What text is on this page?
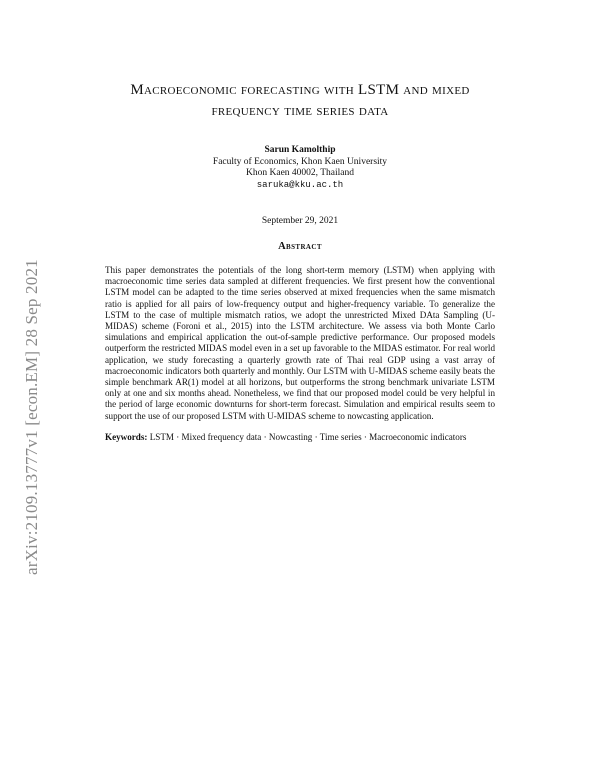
arXiv:2109.13777v1 [econ.EM] 28 Sep 2021
Macroeconomic forecasting with LSTM and mixed
frequency time series data
Sarun Kamolthip
Faculty of Economics, Khon Kaen University
Khon Kaen 40002, Thailand
saruka@kku.ac.th
September 29, 2021
Abstract
This paper demonstrates the potentials of the long short-term memory (LSTM) when applying with macroeconomic time series data sampled at different frequencies. We first present how the conventional LSTM model can be adapted to the time series observed at mixed frequencies when the same mismatch ratio is applied for all pairs of low-frequency output and higher-frequency variable. To generalize the LSTM to the case of multiple mismatch ratios, we adopt the unrestricted Mixed DAta Sampling (U-MIDAS) scheme (Foroni et al., 2015) into the LSTM architecture. We assess via both Monte Carlo simulations and empirical application the out-of-sample predictive performance. Our proposed models outperform the restricted MIDAS model even in a set up favorable to the MIDAS estimator. For real world application, we study forecasting a quarterly growth rate of Thai real GDP using a vast array of macroeconomic indicators both quarterly and monthly. Our LSTM with U-MIDAS scheme easily beats the simple benchmark AR(1) model at all horizons, but outperforms the strong benchmark univariate LSTM only at one and six months ahead. Nonetheless, we find that our proposed model could be very helpful in the period of large economic downturns for short-term forecast. Simulation and empirical results seem to support the use of our proposed LSTM with U-MIDAS scheme to nowcasting application.
Keywords: LSTM · Mixed frequency data · Nowcasting · Time series · Macroeconomic indicators
